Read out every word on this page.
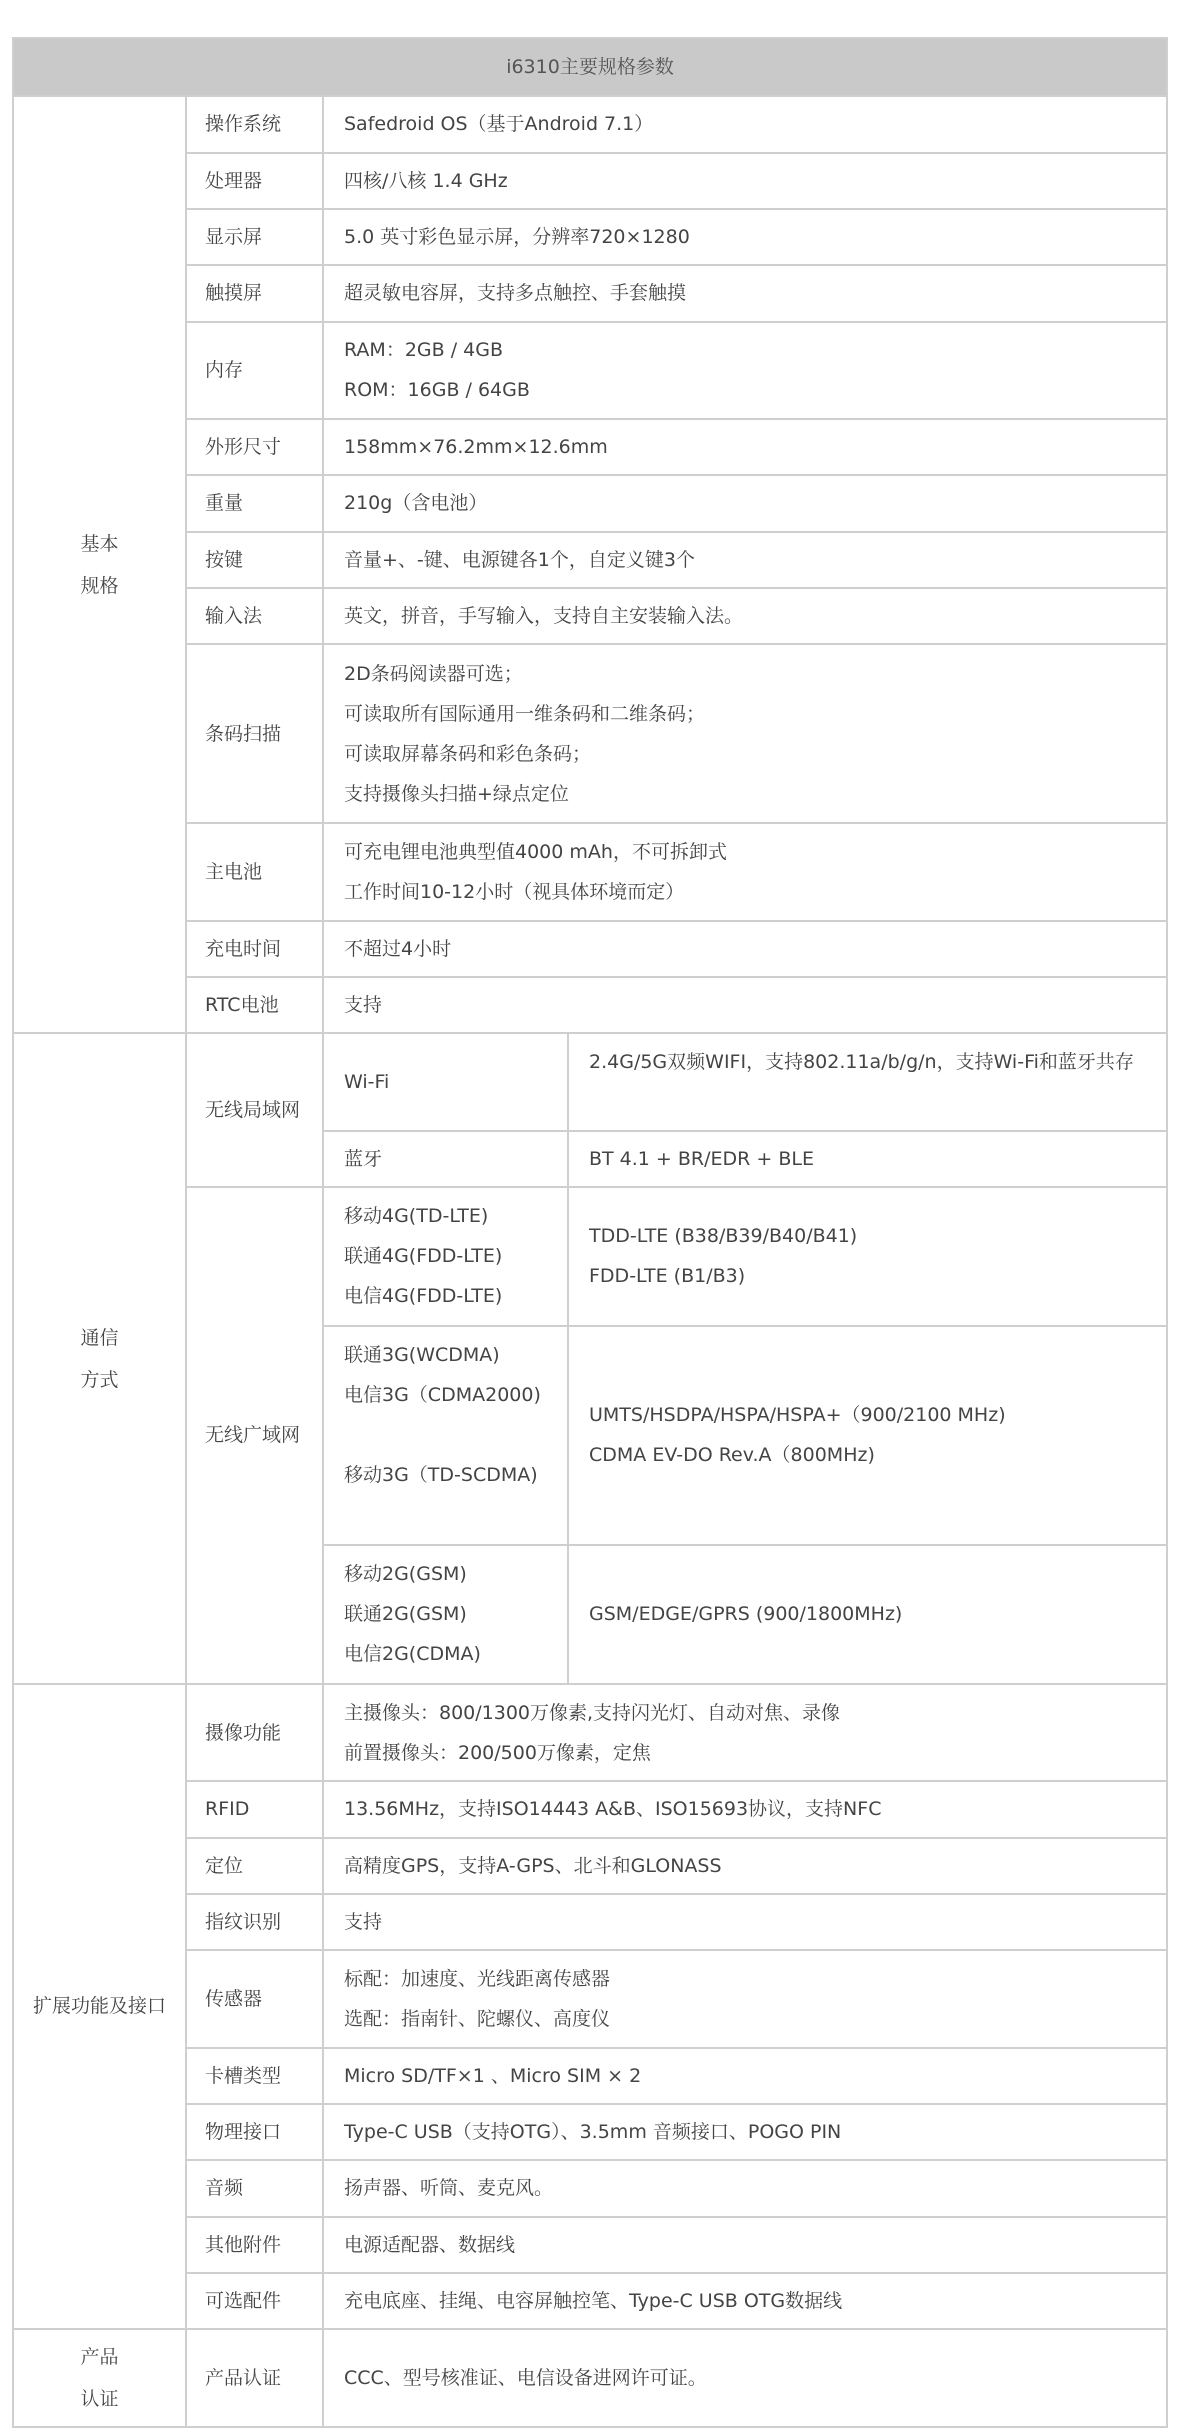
i6310主要规格参数			

基本
规格	操作系统	Safedroid OS（基于Android 7.1）	
	处理器	四核/八核 1.4 GHz	
	显示屏	5.0 英寸彩色显示屏，分辨率720×1280	
	触摸屏	超灵敏电容屏，支持多点触控、手套触摸	
	内存	RAM：2GB / 4GB
ROM：16GB / 64GB	

	外形尺寸	158mm×76.2mm×12.6mm	
	重量	210g（含电池）	
	按键	音量+、-键、电源键各1个，自定义键3个	
	输入法	英文，拼音，手写输入，支持自主安装输入法。	
	条码扫描	2D条码阅读器可选；
可读取所有国际通用一维条码和二维条码；
可读取屏幕条码和彩色条码；
支持摄像头扫描+绿点定位	

	主电池	可充电锂电池典型值4000 mAh，不可拆卸式
工作时间10-12小时（视具体环境而定）	

	充电时间	不超过4小时	
	RTC电池	支持	

通信
方式	无线局域网	Wi-Fi	2.4G/5G双频WIFI，支持802.11a/b/g/n，支持Wi-Fi和蓝牙共存
		蓝牙	BT 4.1 + BR/EDR + BLE
	无线广域网	移动4G(TD-LTE)
联通4G(FDD-LTE)
电信4G(FDD-LTE)	TDD-LTE (B38/B39/B40/B41)
FDD-LTE (B1/B3)

		联通3G(WCDMA)
电信3G（CDMA2000)
移动3G（TD-SCDMA)	UMTS/HSDPA/HSPA/HSPA+（900/2100 MHz)
CDMA EV-DO Rev.A（800MHz)

		移动2G(GSM)
联通2G(GSM)
电信2G(CDMA)	GSM/EDGE/GPRS (900/1800MHz)
扩展功能及接口	摄像功能	主摄像头：800/1300万像素,支持闪光灯、自动对焦、录像
前置摄像头：200/500万像素，定焦	

	RFID	13.56MHz，支持ISO14443 A&B、ISO15693协议，支持NFC	
	定位	高精度GPS，支持A-GPS、北斗和GLONASS	
	指纹识别	支持	
	传感器	标配：加速度、光线距离传感器
选配：指南针、陀螺仪、高度仪	

	卡槽类型	Micro SD/TF×1 、Micro SIM × 2	
	物理接口	Type-C USB（支持OTG）、3.5mm 音频接口、POGO PIN	
	音频	扬声器、听筒、麦克风。	
	其他附件	电源适配器、数据线	
	可选配件	充电底座、挂绳、电容屏触控笔、Type-C USB OTG数据线	

产品
认证	产品认证	CCC、型号核准证、电信设备进网许可证。	
